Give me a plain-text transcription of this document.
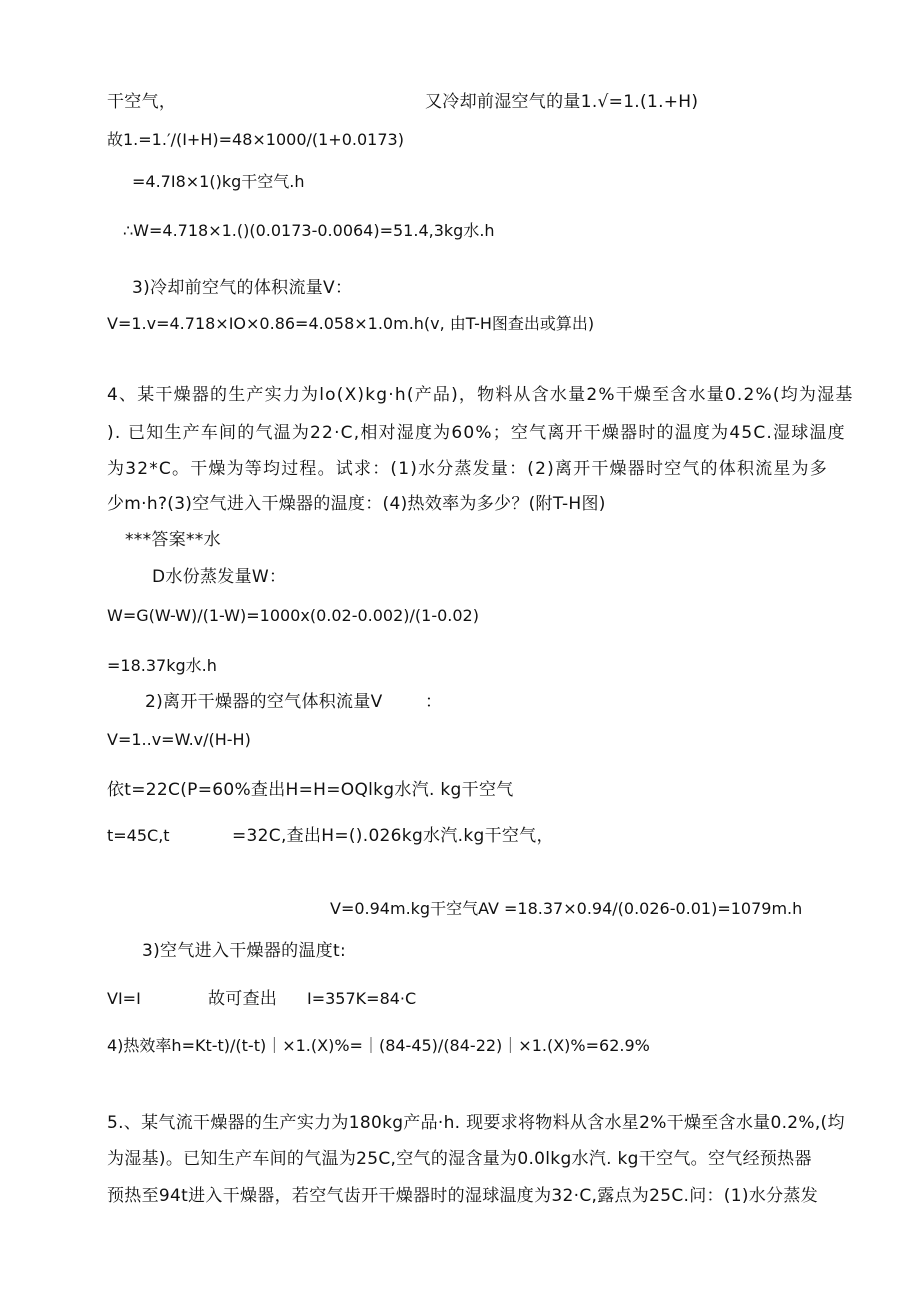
干空气，	又冷却前湿空气的量1.√=1.(1.+H)
故1.=1.′/(I+H)=48×1000/(1+0.0173)
=4.7I8×1()kg干空气.h
∴W=4.718×1.()(0.0173-0.0064)=51.4,3kg水.h
3)冷却前空气的体积流量V：
V=1.v=4.718×IO×0.86=4.058×1.0m.h(v, 由T-H图查出或算出)
4、某干燥器的生产实力为lo(X)kg·h(产品)，物料从含水量2%干燥至含水量0.2%(均为湿基
). 已知生产车间的气温为22·C,相对湿度为60%；空气离开干燥器时的温度为45C.湿球温度
为32*C。干燥为等均过程。试求：(1)水分蒸发量：(2)离开干燥器时空气的体积流星为多
少m·h?(3)空气进入干燥器的温度：(4)热效率为多少？(附T-H图)
***答案**水
D水份蒸发量W：
W=G(W-W)/(1-W)=1000x(0.02-0.002)/(1-0.02)
=18.37kg水.h
2)离开干燥器的空气体积流量V ：
V=1..v=W.v/(H-H)
依t=22C(P=60%查出H=H=OQlkg水汽. kg干空气
t=45C,t	=32C,查出H=().026kg水汽.kg干空气，
V=0.94m.kg干空气AV =18.37×0.94/(0.026-0.01)=1079m.h
3)空气进入干燥器的温度t:
VI=I	故可查出 I=357K=84·C
4)热效率h=Kt-t)/(t-t)｜×1.(X)%=｜(84-45)/(84-22)｜×1.(X)%=62.9%
5.、某气流干燥器的生产实力为180kg产品·h. 现要求将物料从含水星2%干燥至含水量0.2%,(均
为湿基)。已知生产车间的气温为25C,空气的湿含量为0.0lkg水汽. kg干空气。空气经预热器
预热至94t进入干燥器，若空气齿开干燥器时的湿球温度为32·C,露点为25C.问：(1)水分蒸发
